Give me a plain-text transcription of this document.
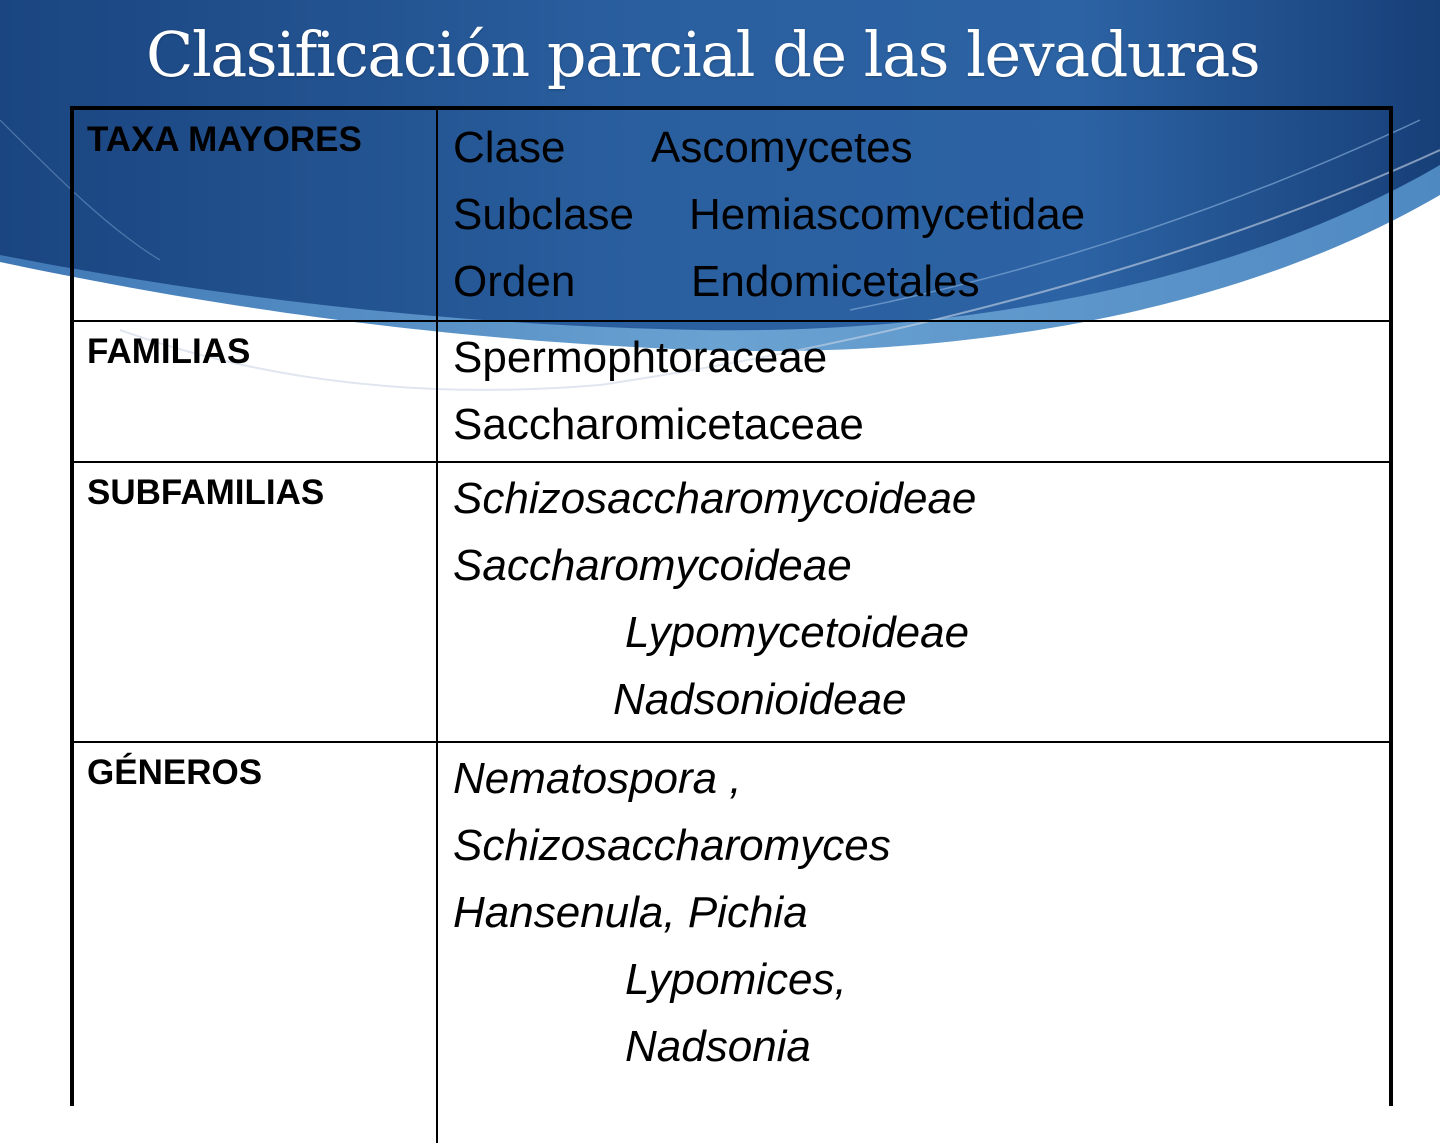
Clasificación parcial de las levaduras
TAXA MAYORES	Clase Ascomycetes
Subclase Hemiascomycetidae
Orden	Endomicetales
FAMILIAS	Spermophtoraceae
Saccharomicetaceae
SUBFAMILIAS	Schizosaccharomycoideae
Saccharomycoideae
Lypomycetoideae
Nadsonioideae
GÉNEROS	Nematospora ,
Schizosaccharomyces
Hansenula, Pichia
Lypomices,
Nadsonia
